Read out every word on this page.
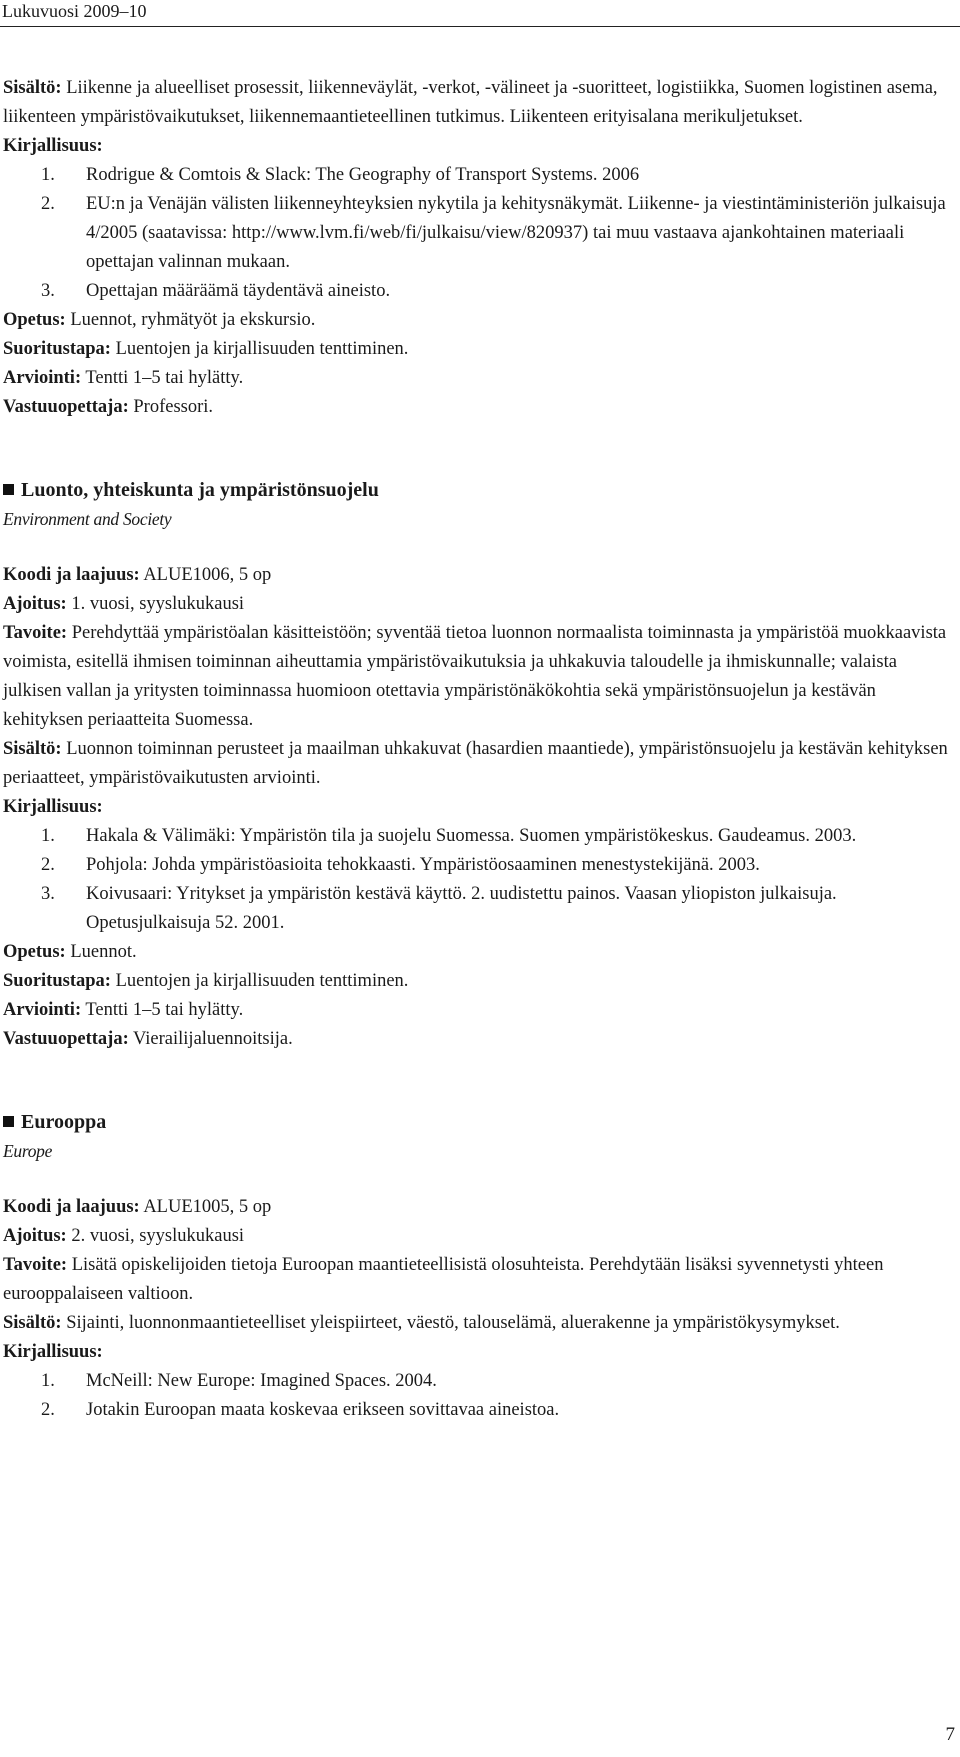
Lukuvuosi 2009–10

Sisältö: Liikenne ja alueelliset prosessit, liikenneväylät, -verkot, -välineet ja -suoritteet, logistiikka, Suomen logistinen asema, liikenteen ympäristövaikutukset, liikennemaantieteellinen tutkimus. Liikenteen erityisalana merikuljetukset.

Kirjallisuus:

1. Rodrigue & Comtois & Slack: The Geography of Transport Systems. 2006
2. EU:n ja Venäjän välisten liikenneyhteyksien nykytila ja kehitysnäkymät. Liikenne- ja viestintäministeriön julkaisuja 4/2005 (saatavissa: http://www.lvm.fi/web/fi/julkaisu/view/820937) tai muu vastaava ajankohtainen materiaali opettajan valinnan mukaan.
3. Opettajan määräämä täydentävä aineisto.

Opetus: Luennot, ryhmätyöt ja ekskursio.

Suoritustapa: Luentojen ja kirjallisuuden tenttiminen.

Arviointi: Tentti 1–5 tai hylätty.

Vastuuopettaja: Professori.

Luonto, yhteiskunta ja ympäristönsuojelu

Environment and Society

Koodi ja laajuus: ALUE1006, 5 op

Ajoitus: 1. vuosi, syyslukukausi

Tavoite: Perehdyttää ympäristöalan käsitteistöön; syventää tietoa luonnon normaalista toiminnasta ja ympäristöä muokkaavista voimista, esitellä ihmisen toiminnan aiheuttamia ympäristövaikutuksia ja uhkakuvia taloudelle ja ihmiskunnalle; valaista julkisen vallan ja yritysten toiminnassa huomioon otettavia ympäristönäkökohtia sekä ympäristönsuojelun ja kestävän kehityksen periaatteita Suomessa.

Sisältö: Luonnon toiminnan perusteet ja maailman uhkakuvat (hasardien maantiede), ympäristönsuojelu ja kestävän kehityksen periaatteet, ympäristövaikutusten arviointi.

Kirjallisuus:

1. Hakala & Välimäki: Ympäristön tila ja suojelu Suomessa. Suomen ympäristökeskus. Gaudeamus. 2003.
2. Pohjola: Johda ympäristöasioita tehokkaasti. Ympäristöosaaminen menestystekijänä. 2003.
3. Koivusaari: Yritykset ja ympäristön kestävä käyttö. 2. uudistettu painos. Vaasan yliopiston julkaisuja. Opetusjulkaisuja 52. 2001.

Opetus: Luennot.

Suoritustapa: Luentojen ja kirjallisuuden tenttiminen.

Arviointi: Tentti 1–5 tai hylätty.

Vastuuopettaja: Vierailijaluennoitsija.

Eurooppa

Europe

Koodi ja laajuus: ALUE1005, 5 op

Ajoitus: 2. vuosi, syyslukukausi

Tavoite: Lisätä opiskelijoiden tietoja Euroopan maantieteellisistä olosuhteista. Perehdytään lisäksi syvennetysti yhteen eurooppalaiseen valtioon.

Sisältö: Sijainti, luonnonmaantieteelliset yleispiirteet, väestö, talouselämä, aluerakenne ja ympäristökysymykset.

Kirjallisuus:

1. McNeill: New Europe: Imagined Spaces. 2004.
2. Jotakin Euroopan maata koskevaa erikseen sovittavaa aineistoa.
7
